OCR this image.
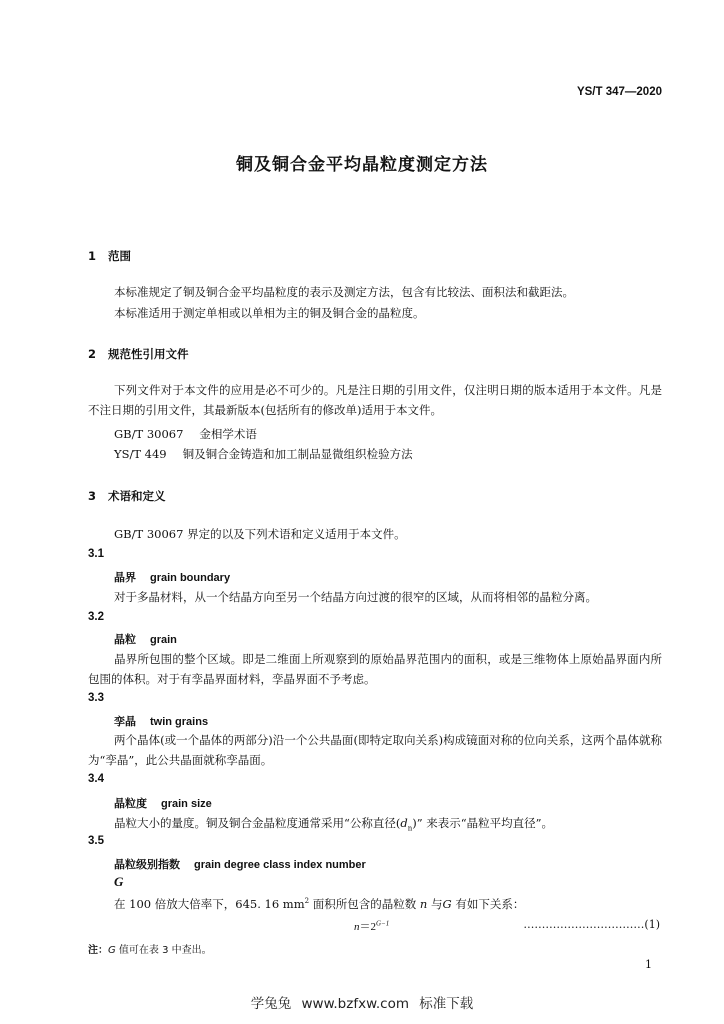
YS/T 347—2020
铜及铜合金平均晶粒度测定方法
1 范围
本标准规定了铜及铜合金平均晶粒度的表示及测定方法，包含有比较法、面积法和截距法。
本标准适用于测定单相或以单相为主的铜及铜合金的晶粒度。
2 规范性引用文件
下列文件对于本文件的应用是必不可少的。凡是注日期的引用文件，仅注明日期的版本适用于本文件。凡是不注日期的引用文件，其最新版本(包括所有的修改单)适用于本文件。
GB/T 30067 金相学术语
YS/T 449 铜及铜合金铸造和加工制品显微组织检验方法
3 术语和定义
GB/T 30067 界定的以及下列术语和定义适用于本文件。
3.1
晶界 grain boundary
对于多晶材料，从一个结晶方向至另一个结晶方向过渡的很窄的区域，从而将相邻的晶粒分离。
3.2
晶粒 grain
晶界所包围的整个区域。即是二维面上所观察到的原始晶界范围内的面积，或是三维物体上原始晶界面内所包围的体积。对于有孪晶界面材料，孪晶界面不予考虑。
3.3
孪晶 twin grains
两个晶体(或一个晶体的两部分)沿一个公共晶面(即特定取向关系)构成镜面对称的位向关系，这两个晶体就称为“孪晶”，此公共晶面就称孪晶面。
3.4
晶粒度 grain size
晶粒大小的量度。铜及铜合金晶粒度通常采用“公称直径$(d_n)$” 来表示“晶粒平均直径”。
3.5
晶粒级别指数 grain degree class index number
G
在 100 倍放大倍率下，645. 16 $mm^2$ 面积所包含的晶粒数 n 与G 有如下关系：
$n=2^{G-1}$	……………………………(1)
注：G 值可在表 3 中查出。
1
学兔兔 www.bzfxw.com 标准下载
